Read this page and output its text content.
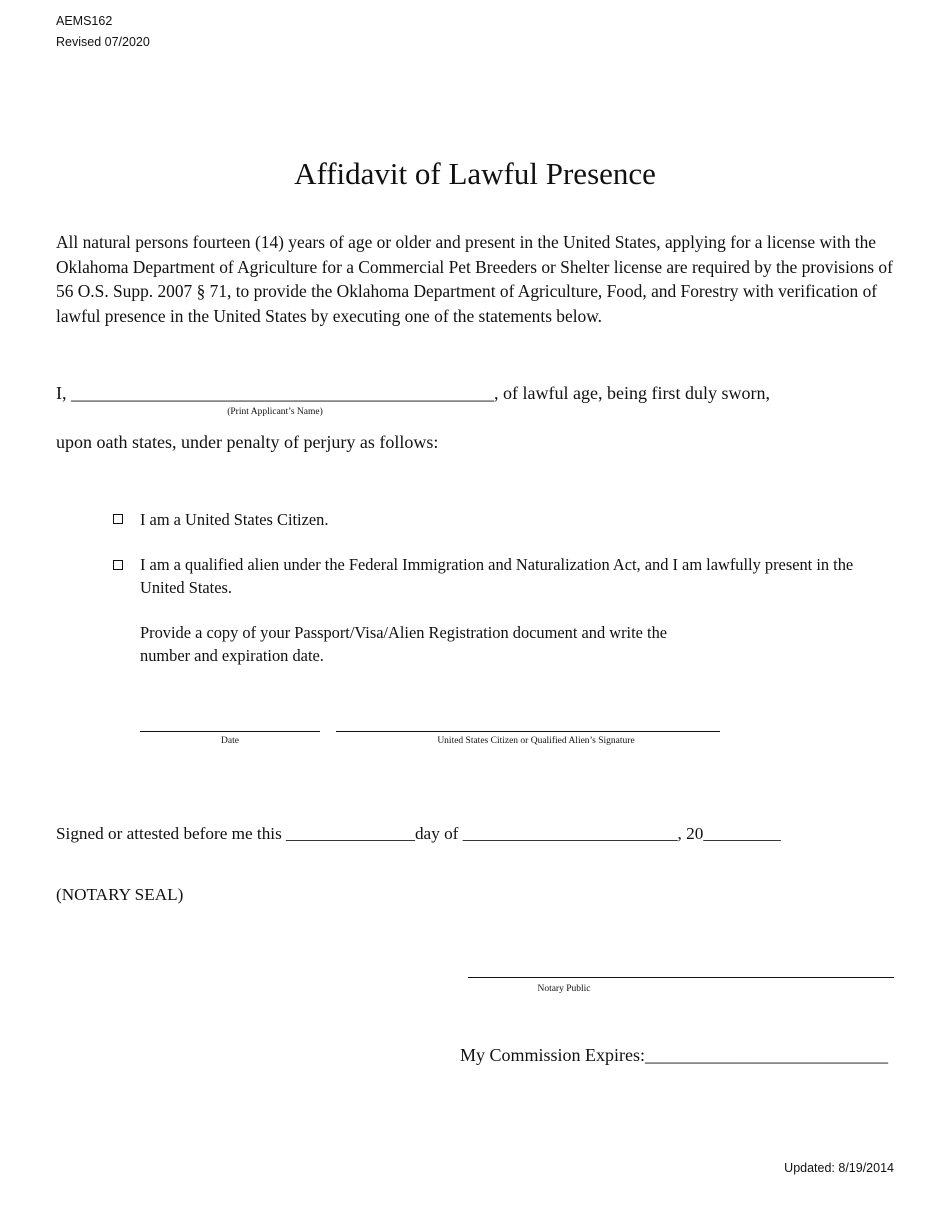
AEMS162
Revised 07/2020
Affidavit of Lawful Presence
All natural persons fourteen (14) years of age or older and present in the United States, applying for a license with the Oklahoma Department of Agriculture for a Commercial Pet Breeders or Shelter license are required by the provisions of 56 O.S. Supp. 2007 § 71, to provide the Oklahoma Department of Agriculture, Food, and Forestry with verification of lawful presence in the United States by executing one of the statements below.
I, _______________________________________________, of lawful age, being first duly sworn,
(Print Applicant’s Name)
upon oath states, under penalty of perjury as follows:
I am a United States Citizen.
I am a qualified alien under the Federal Immigration and Naturalization Act, and I am lawfully present in the United States.
Provide a copy of your Passport/Visa/Alien Registration document and write the number and expiration date.
Date	United States Citizen or Qualified Alien’s Signature
Signed or attested before me this _______________day of _________________________, 20_________
(NOTARY SEAL)
Notary Public
My Commission Expires:___________________________
Updated: 8/19/2014
